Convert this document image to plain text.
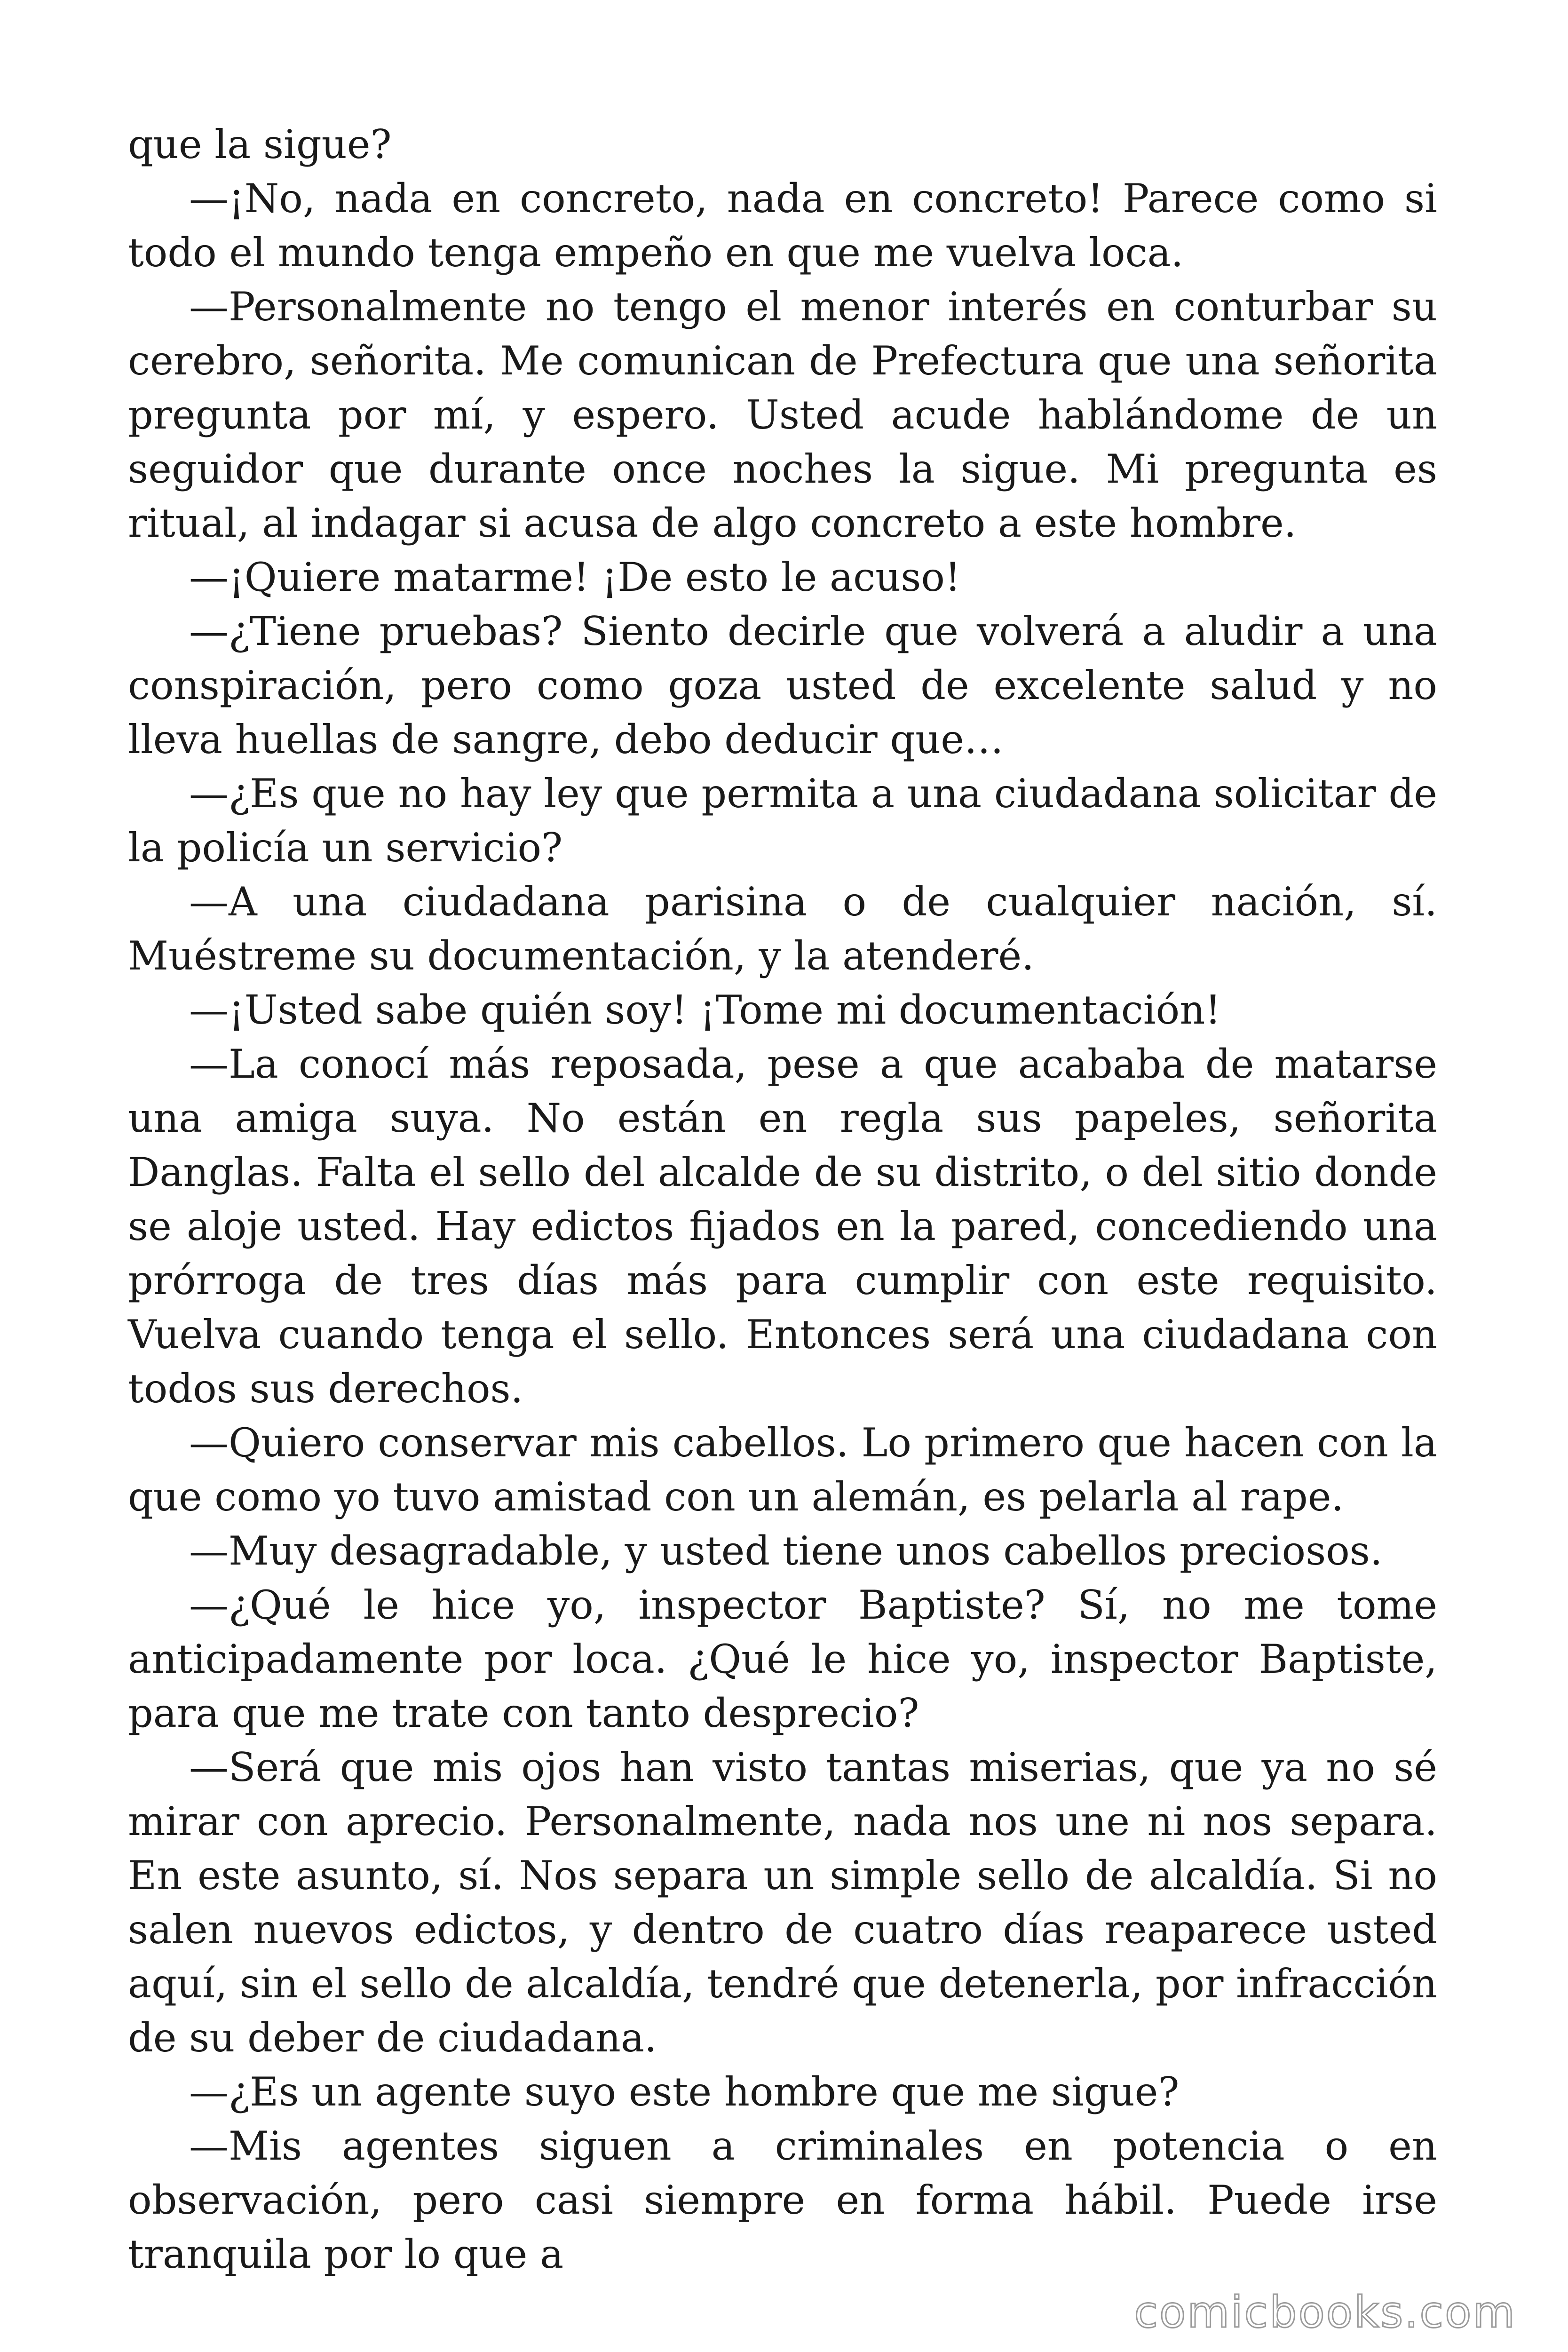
que la sigue?

—¡No, nada en concreto, nada en concreto! Parece como si todo el mundo tenga empeño en que me vuelva loca.

—Personalmente no tengo el menor interés en conturbar su cerebro, señorita. Me comunican de Prefectura que una señorita pregunta por mí, y espero. Usted acude hablándome de un seguidor que durante once noches la sigue. Mi pregunta es ritual, al indagar si acusa de algo concreto a este hombre.

—¡Quiere matarme! ¡De esto le acuso!

—¿Tiene pruebas? Siento decirle que volverá a aludir a una conspiración, pero como goza usted de excelente salud y no lleva huellas de sangre, debo deducir que…

—¿Es que no hay ley que permita a una ciudadana solicitar de la policía un servicio?

—A una ciudadana parisina o de cualquier nación, sí. Muéstreme su documentación, y la atenderé.

—¡Usted sabe quién soy! ¡Tome mi documentación!

—La conocí más reposada, pese a que acababa de matarse una amiga suya. No están en regla sus papeles, señorita Danglas. Falta el sello del alcalde de su distrito, o del sitio donde se aloje usted. Hay edictos fijados en la pared, concediendo una prórroga de tres días más para cumplir con este requisito. Vuelva cuando tenga el sello. Entonces será una ciudadana con todos sus derechos.

—Quiero conservar mis cabellos. Lo primero que hacen con la que como yo tuvo amistad con un alemán, es pelarla al rape.

—Muy desagradable, y usted tiene unos cabellos preciosos.

—¿Qué le hice yo, inspector Baptiste? Sí, no me tome anticipadamente por loca. ¿Qué le hice yo, inspector Baptiste, para que me trate con tanto desprecio?

—Será que mis ojos han visto tantas miserias, que ya no sé mirar con aprecio. Personalmente, nada nos une ni nos separa. En este asunto, sí. Nos separa un simple sello de alcaldía. Si no salen nuevos edictos, y dentro de cuatro días reaparece usted aquí, sin el sello de alcaldía, tendré que detenerla, por infracción de su deber de ciudadana.

—¿Es un agente suyo este hombre que me sigue?

—Mis agentes siguen a criminales en potencia o en observación, pero casi siempre en forma hábil. Puede irse tranquila por lo que a

comicbooks.com
